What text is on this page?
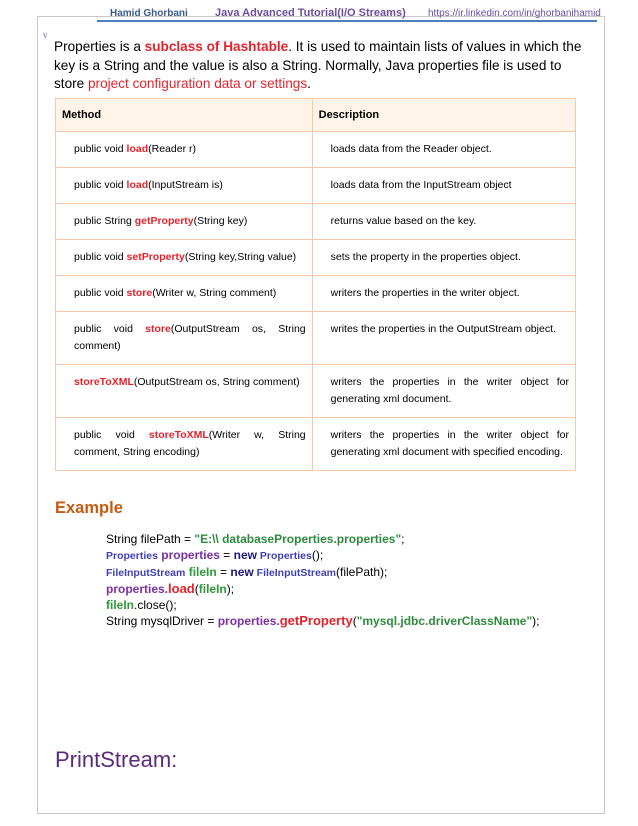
Hamid Ghorbani Java Advanced Tutorial(I/O Streams) https://ir.linkedin.com/in/ghorbanihamid
v

Properties is a subclass of Hashtable. It is used to maintain lists of values in which the key is a String and the value is also a String. Normally, Java properties file is used to store project configuration data or settings.

Method	Description
public void load(Reader r)	loads data from the Reader object.
public void load(InputStream is)	loads data from the InputStream object
public String getProperty(String key)	returns value based on the key.
public void setProperty(String key,String value)	sets the property in the properties object.
public void store(Writer w, String comment)	writers the properties in the writer object.
public void store(OutputStream os, String comment)	writes the properties in the OutputStream object.
storeToXML(OutputStream os, String comment)	writers the properties in the writer object for generating xml document.
public void storeToXML(Writer w, String comment, String encoding)	writers the properties in the writer object for generating xml document with specified encoding.
Example
String filePath = "E:\\ databaseProperties.properties";
Properties properties = new Properties();
FileInputStream fileIn = new FileInputStream(filePath);
properties.load(fileIn);
fileIn.close();
String mysqlDriver = properties.getProperty("mysql.jdbc.driverClassName");
PrintStream:
